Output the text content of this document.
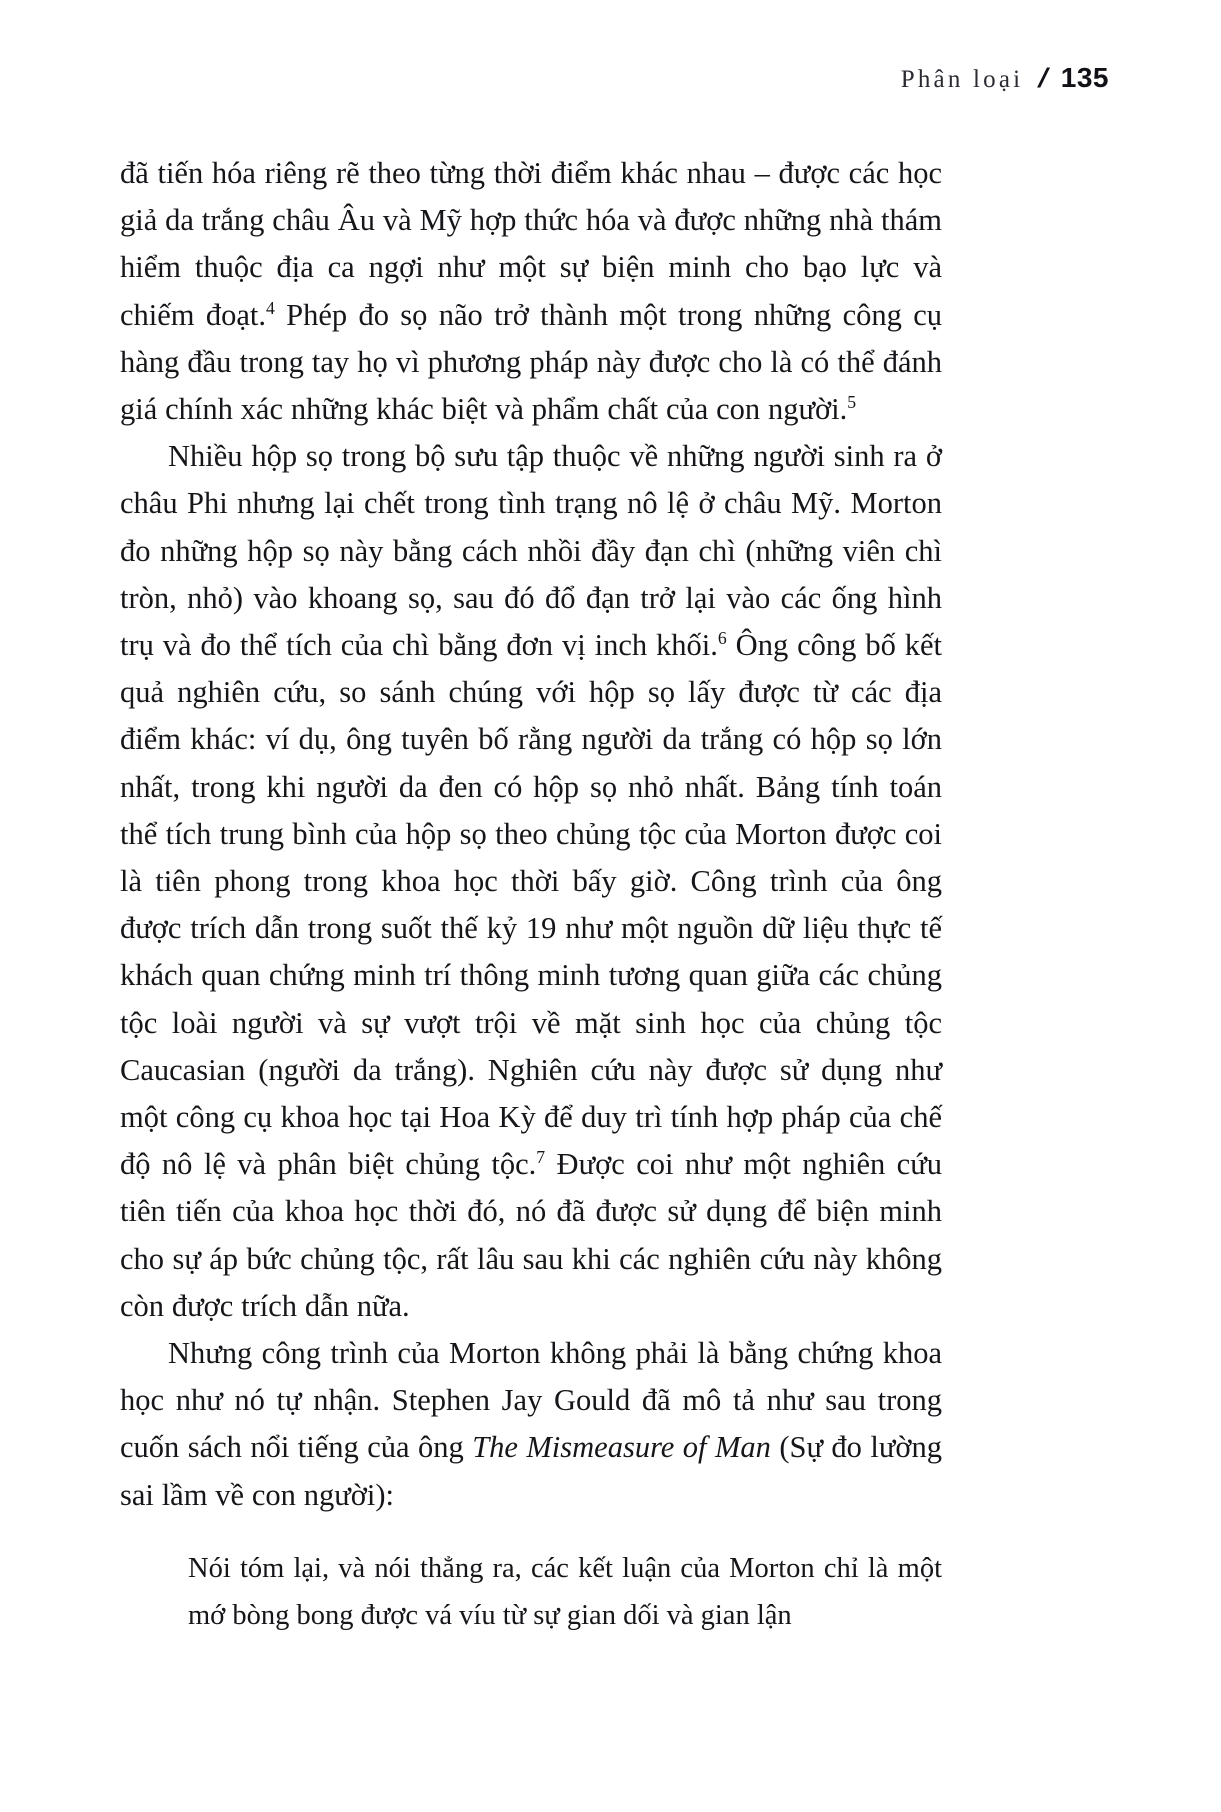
Phân loại / 135

đã tiến hóa riêng rẽ theo từng thời điểm khác nhau – được các học giả da trắng châu Âu và Mỹ hợp thức hóa và được những nhà thám hiểm thuộc địa ca ngợi như một sự biện minh cho bạo lực và chiếm đoạt.$^4$ Phép đo sọ não trở thành một trong những công cụ hàng đầu trong tay họ vì phương pháp này được cho là có thể đánh giá chính xác những khác biệt và phẩm chất của con người.$^5$

Nhiều hộp sọ trong bộ sưu tập thuộc về những người sinh ra ở châu Phi nhưng lại chết trong tình trạng nô lệ ở châu Mỹ. Morton đo những hộp sọ này bằng cách nhồi đầy đạn chì (những viên chì tròn, nhỏ) vào khoang sọ, sau đó đổ đạn trở lại vào các ống hình trụ và đo thể tích của chì bằng đơn vị inch khối.$^6$ Ông công bố kết quả nghiên cứu, so sánh chúng với hộp sọ lấy được từ các địa điểm khác: ví dụ, ông tuyên bố rằng người da trắng có hộp sọ lớn nhất, trong khi người da đen có hộp sọ nhỏ nhất. Bảng tính toán thể tích trung bình của hộp sọ theo chủng tộc của Morton được coi là tiên phong trong khoa học thời bấy giờ. Công trình của ông được trích dẫn trong suốt thế kỷ 19 như một nguồn dữ liệu thực tế khách quan chứng minh trí thông minh tương quan giữa các chủng tộc loài người và sự vượt trội về mặt sinh học của chủng tộc Caucasian (người da trắng). Nghiên cứu này được sử dụng như một công cụ khoa học tại Hoa Kỳ để duy trì tính hợp pháp của chế độ nô lệ và phân biệt chủng tộc.$^7$ Được coi như một nghiên cứu tiên tiến của khoa học thời đó, nó đã được sử dụng để biện minh cho sự áp bức chủng tộc, rất lâu sau khi các nghiên cứu này không còn được trích dẫn nữa.

Nhưng công trình của Morton không phải là bằng chứng khoa học như nó tự nhận. Stephen Jay Gould đã mô tả như sau trong cuốn sách nổi tiếng của ông The Mismeasure of Man (Sự đo lường sai lầm về con người):

Nói tóm lại, và nói thẳng ra, các kết luận của Morton chỉ là một mớ bòng bong được vá víu từ sự gian dối và gian lận
